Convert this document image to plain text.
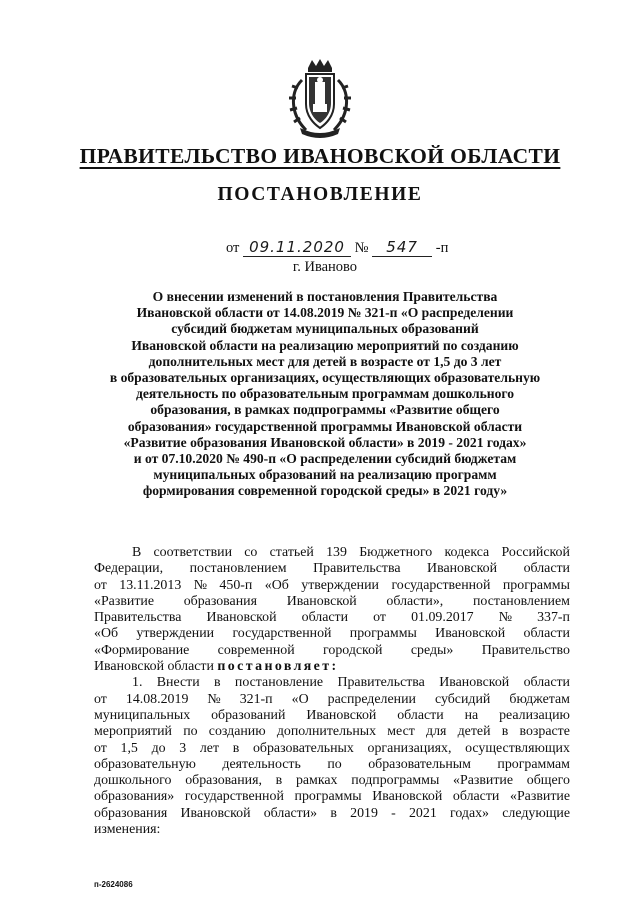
ПРАВИТЕЛЬСТВО ИВАНОВСКОЙ ОБЛАСТИ
ПОСТАНОВЛЕНИЕ
от 09.11.2020 № 547 -п
г. Иваново
О внесении изменений в постановления Правительства
Ивановской области от 14.08.2019 № 321-п «О распределении
субсидий бюджетам муниципальных образований
Ивановской области на реализацию мероприятий по созданию
дополнительных мест для детей в возрасте от 1,5 до 3 лет
в образовательных организациях, осуществляющих образовательную
деятельность по образовательным программам дошкольного
образования, в рамках подпрограммы «Развитие общего
образования» государственной программы Ивановской области
«Развитие образования Ивановской области» в 2019 - 2021 годах»
и от 07.10.2020 № 490-п «О распределении субсидий бюджетам
муниципальных образований на реализацию программ
формирования современной городской среды» в 2021 году»
В соответствии со статьей 139 Бюджетного кодекса Российской
Федерации, постановлением Правительства Ивановской области
от 13.11.2013 № 450-п «Об утверждении государственной программы
«Развитие образования Ивановской области», постановлением
Правительства Ивановской области от 01.09.2017 № 337-п
«Об утверждении государственной программы Ивановской области
«Формирование современной городской среды» Правительство
Ивановской области постановляет:
1. Внести в постановление Правительства Ивановской области
от 14.08.2019 № 321-п «О распределении субсидий бюджетам
муниципальных образований Ивановской области на реализацию
мероприятий по созданию дополнительных мест для детей в возрасте
от 1,5 до 3 лет в образовательных организациях, осуществляющих
образовательную деятельность по образовательным программам
дошкольного образования, в рамках подпрограммы «Развитие общего
образования» государственной программы Ивановской области «Развитие
образования Ивановской области» в 2019 - 2021 годах» следующие
изменения:
п-2624086
